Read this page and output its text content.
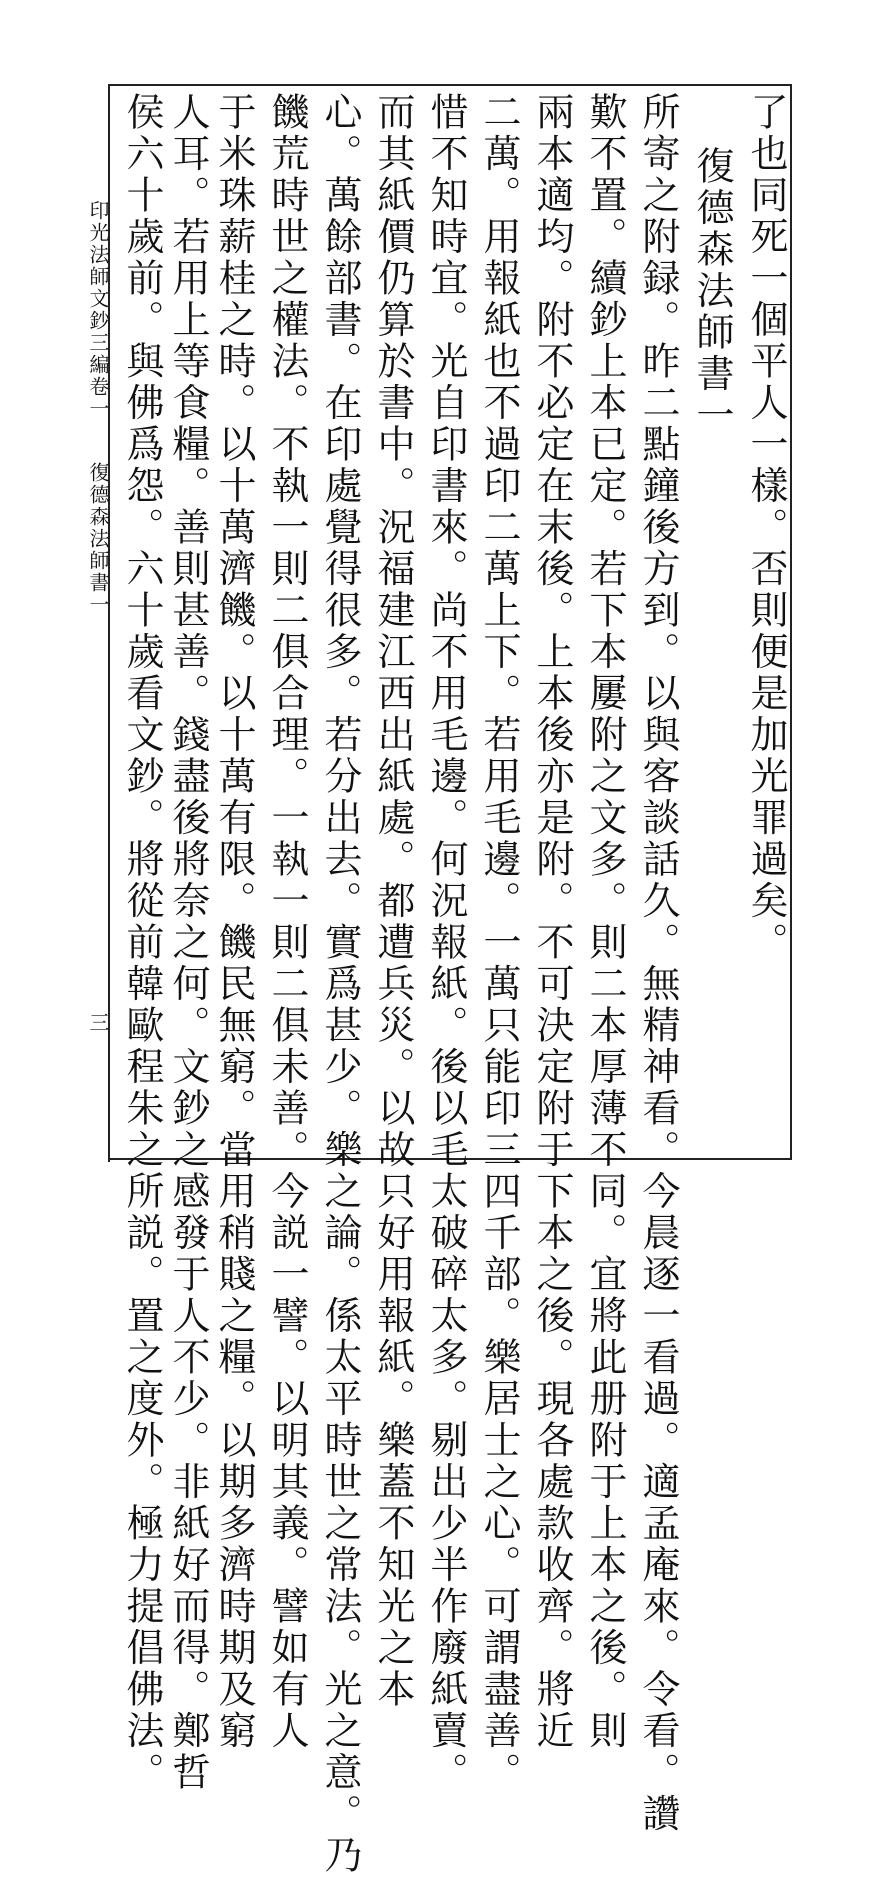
了也同死一個平人一樣。否則便是加光罪過矣。
復德森法師書一
所寄之附録。昨二點鐘後方到。以與客談話久。無精神看。今晨逐一看過。適孟庵來。令看。讚
歎不置。續鈔上本已定。若下本屢附之文多。則二本厚薄不同。宜將此册附于上本之後。則
兩本適均。附不必定在末後。上本後亦是附。不可決定附于下本之後。現各處款收齊。將近
二萬。用報紙也不過印二萬上下。若用毛邊。一萬只能印三四千部。樂居士之心。可謂盡善。
惜不知時宜。光自印書來。尚不用毛邊。何況報紙。後以毛太破碎太多。剔出少半作廢紙賣。
而其紙價仍算於書中。況福建江西出紙處。都遭兵災。以故只好用報紙。樂蓋不知光之本
心。萬餘部書。在印處覺得很多。若分出去。實爲甚少。樂之論。係太平時世之常法。光之意。乃
饑荒時世之權法。不執一則二俱合理。一執一則二俱未善。今説一譬。以明其義。譬如有人
于米珠薪桂之時。以十萬濟饑。以十萬有限。饑民無窮。當用稍賤之糧。以期多濟時期及窮
人耳。若用上等食糧。善則甚善。錢盡後將奈之何。文鈔之感發于人不少。非紙好而得。鄭哲
侯六十歲前。與佛爲怨。六十歲看文鈔。將從前韓歐程朱之所説。置之度外。極力提倡佛法。
印光法師文鈔三編卷一
復德森法師書一
三
